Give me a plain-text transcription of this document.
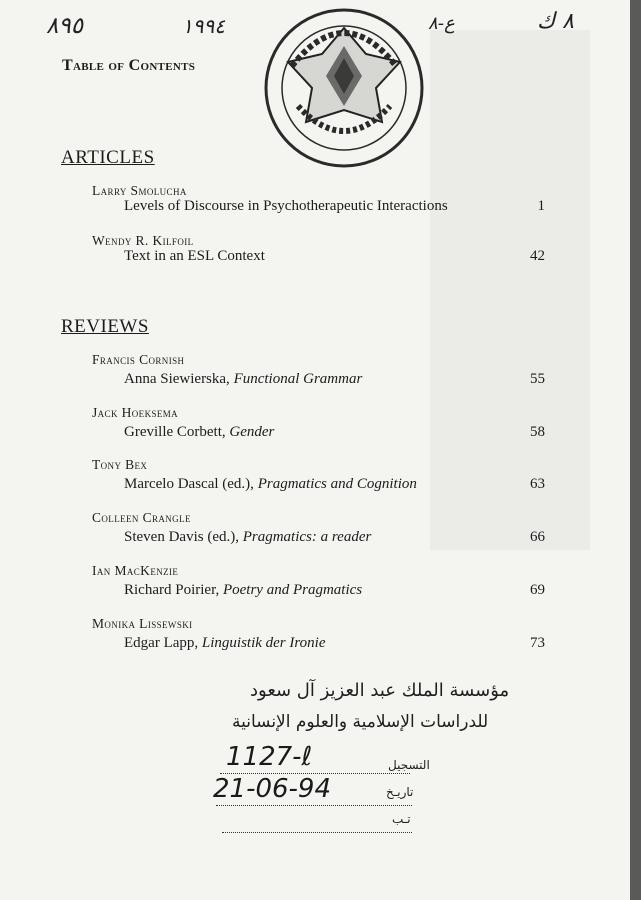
٨٩٥	١٩٩٤	ع-٨	٨ ك
Table of Contents
ARTICLES
Larry Smolucha
Levels of Discourse in Psychotherapeutic Interactions	1
Wendy R. Kilfoil
Text in an ESL Context	42
REVIEWS
Francis Cornish
Anna Siewierska, Functional Grammar	55
Jack Hoeksema
Greville Corbett, Gender	58
Tony Bex
Marcelo Dascal (ed.), Pragmatics and Cognition	63
Colleen Crangle
Steven Davis (ed.), Pragmatics: a reader	66
Ian MacKenzie
Richard Poirier, Poetry and Pragmatics	69
Monika Lissewski
Edgar Lapp, Linguistik der Ironie	73
مؤسسة الملك عبد العزيز آل سعود
للدراسات الإسلامية والعلوم الإنسانية
1127-ℓ	التسجيل
21-06-94	تاريـخ
تـب
